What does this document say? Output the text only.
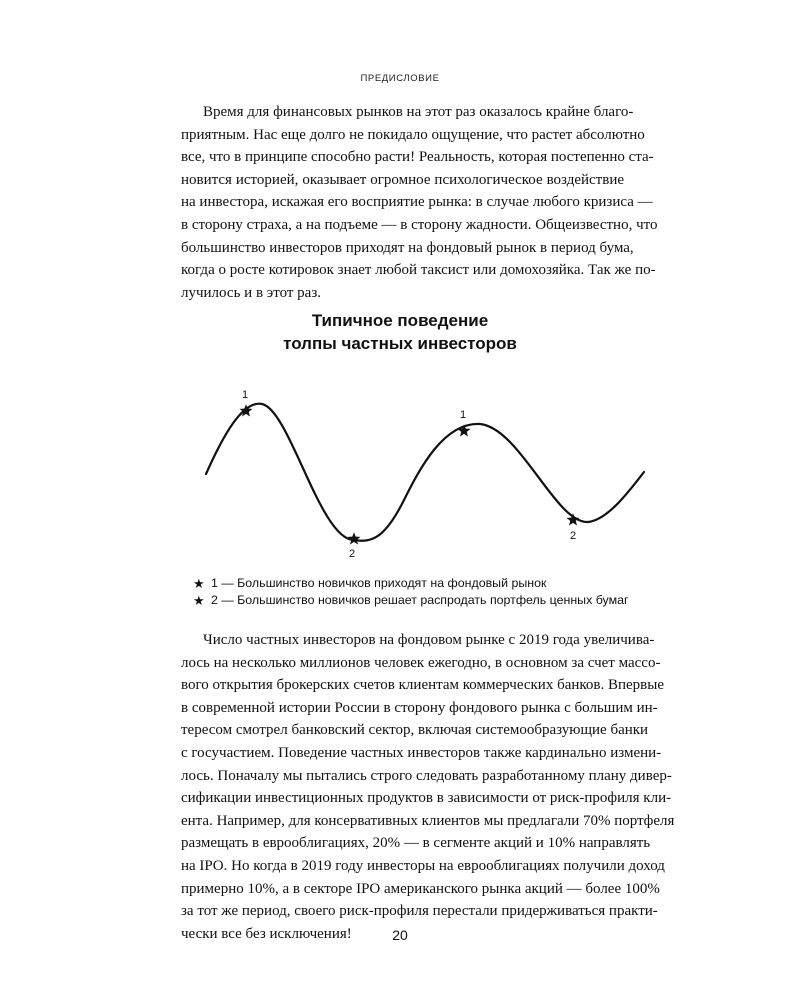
ПРЕДИСЛОВИЕ
Время для финансовых рынков на этот раз оказалось крайне благо-
приятным. Нас еще долго не покидало ощущение, что растет абсолютно
все, что в принципе способно расти! Реальность, которая постепенно ста-
новится историей, оказывает огромное психологическое воздействие
на инвестора, искажая его восприятие рынка: в случае любого кризиса —
в сторону страха, а на подъеме — в сторону жадности. Общеизвестно, что
большинство инвесторов приходят на фондовый рынок в период бума,
когда о росте котировок знает любой таксист или домохозяйка. Так же по-
лучилось и в этот раз.
Типичное поведение
толпы частных инвесторов
1
2
1
2
★ 1 — Большинство новичков приходят на фондовый рынок
★ 2 — Большинство новичков решает распродать портфель ценных бумаг
Число частных инвесторов на фондовом рынке с 2019 года увеличива-
лось на несколько миллионов человек ежегодно, в основном за счет массо-
вого открытия брокерских счетов клиентам коммерческих банков. Впервые
в современной истории России в сторону фондового рынка с большим ин-
тересом смотрел банковский сектор, включая системообразующие банки
с госучастием. Поведение частных инвесторов также кардинально измени-
лось. Поначалу мы пытались строго следовать разработанному плану дивер-
сификации инвестиционных продуктов в зависимости от риск-профиля кли-
ента. Например, для консервативных клиентов мы предлагали 70% портфеля
размещать в еврооблигациях, 20% — в сегменте акций и 10% направлять
на IPO. Но когда в 2019 году инвесторы на еврооблигациях получили доход
примерно 10%, а в секторе IPO американского рынка акций — более 100%
за тот же период, своего риск-профиля перестали придерживаться практи-
чески все без исключения!	20
